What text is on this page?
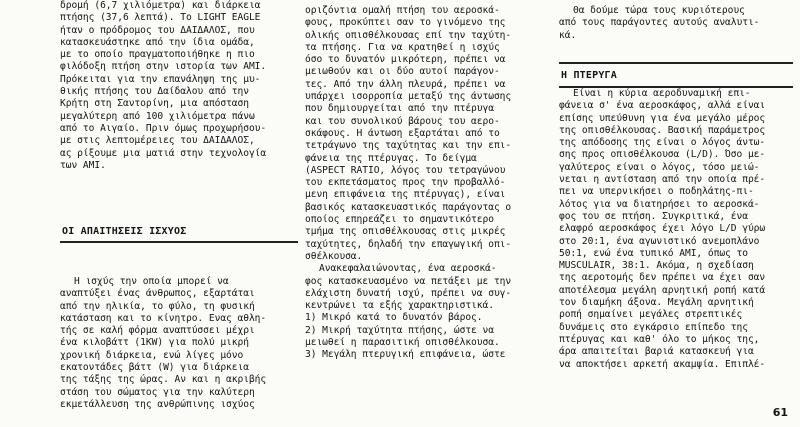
δρομή (6,7 χιλιόμετρα) και διάρκεια
πτήσης (37,6 λεπτά). Το LIGHT EAGLE
ήταν ο πρόδρομος του ΔΑΙΔΑΛΟΣ, που
κατασκευάστηκε από την ίδια ομάδα,
με το οποίο πραγματοποιήθηκε η πιο
φιλόδοξη πτήση στην ιστορία των ΑΜΙ.
Πρόκειται για την επανάληψη της μυ-
θικής πτήσης του Δαίδαλου από την
Κρήτη στη Σαντορίνη, μια απόσταση
μεγαλύτερη από 100 χιλιόμετρα πάνω
από το Αιγαίο. Πριν όμως προχωρήσου-
με στις λεπτομέρειες του ΔΑΙΔΑΛΟΣ,
ας ρίξουμε μια ματιά στην τεχνολογία
των ΑΜΙ.
ΟΙ ΑΠΑΙΤΗΣΕΙΣ ΙΣΧΥΟΣ
Η ισχύς την οποία μπορεί να
αναπτύξει ένας άνθρωπος, εξαρτάται
από την ηλικία, το φύλο, τη φυσική
κατάσταση και το κίνητρο. Ενας αθλη-
τής σε καλή φόρμα αναπτύσσει μέχρι
ένα κιλοβάττ (1KW) για πολύ μικρή
χρονική διάρκεια, ενώ λίγες μόνο
εκατοντάδες βάττ (W) για διάρκεια
της τάξης της ώρας. Αν και η ακριβής
στάση του σώματος για την καλύτερη
εκμετάλλευση της ανθρώπινης ισχύος
οριζόντια ομαλή πτήση του αεροσκά-
φους, προκύπτει σαν το γινόμενο της
ολικής οπισθέλκουσας επί την ταχύτη-
τα πτήσης. Για να κρατηθεί η ισχύς
όσο το δυνατόν μικρότερη, πρέπει να
μειωθούν και οι δύο αυτοί παράγον-
τες. Από την άλλη πλευρά, πρέπει να
υπάρχει ισορροπία μεταξύ της άντωσης
που δημιουργείται από την πτέρυγα
και του συνολικού βάρους του αερο-
σκάφους. Η άντωση εξαρτάται από το
τετράγωνο της ταχύτητας και την επι-
φάνεια της πτέρυγας. Το δείγμα
(ASPECT RATIO, λόγος του τετραγώνου
του εκπετάσματος προς την προβαλλό-
μενη επιφάνεια της πτέρυγας), είναι
βασικός κατασκευαστικός παράγοντας ο
οποίος επηρεάζει το σημαντικότερο
τμήμα της οπισθέλκουσας στις μικρές
ταχύτητες, δηλαδή την επαγωγική οπι-
σθέλκουσα.
Ανακεφαλαιώνοντας, ένα αεροσκά-
φος κατασκευασμένο να πετάξει με την
ελάχιστη δυνατή ισχύ, πρέπει να συγ-
κεντρώνει τα εξής χαρακτηριστικά.
1) Μικρό κατά το δυνατόν βάρος.
2) Μικρή ταχύτητα πτήσης, ώστε να
μειωθεί η παρασιτική οπισθέλκουσα.
3) Μεγάλη πτερυγική επιφάνεια, ώστε
Θα δούμε τώρα τους κυριότερους
από τους παράγοντες αυτούς αναλυτι-
κά.
Η ΠΤΕΡΥΓΑ
Είναι η κύρια αεροδυναμική επι-
φάνεια σ' ένα αεροσκάφος, αλλά είναι
επίσης υπεύθυνη για ένα μεγάλο μέρος
της οπισθέλκουσας. Βασική παράμετρος
της απόδοσης της είναι ο λόγος άντω-
σης προς οπισθέλκουσα (L/D). Όσο με-
γαλύτερος είναι ο λόγος, τόσο μειώ-
νεται η αντίσταση από την οποία πρέ-
πει να υπερνικήσει ο ποδηλάτης-πι-
λότος για να διατηρήσει το αεροσκά-
φος του σε πτήση. Συγκριτικά, ένα
ελαφρό αεροσκάφος έχει λόγο L/D γύρω
στο 20:1, ένα αγωνιστικό ανεμοπλάνο
50:1, ενώ ένα τυπικό ΑΜΙ, όπως το
MUSCULAIR, 38:1. Ακόμα, η σχεδίαση
της αεροτομής δεν πρέπει να έχει σαν
αποτέλεσμα μεγάλη αρνητική ροπή κατά
τον διαμήκη άξονα. Μεγάλη αρνητική
ροπή σημαίνει μεγάλες στρεπτικές
δυνάμεις στο εγκάρσιο επίπεδο της
πτέρυγας και καθ' όλο το μήκος της,
άρα απαιτείται βαριά κατασκευή για
να αποκτήσει αρκετή ακαμψία. Επιπλέ-
61
